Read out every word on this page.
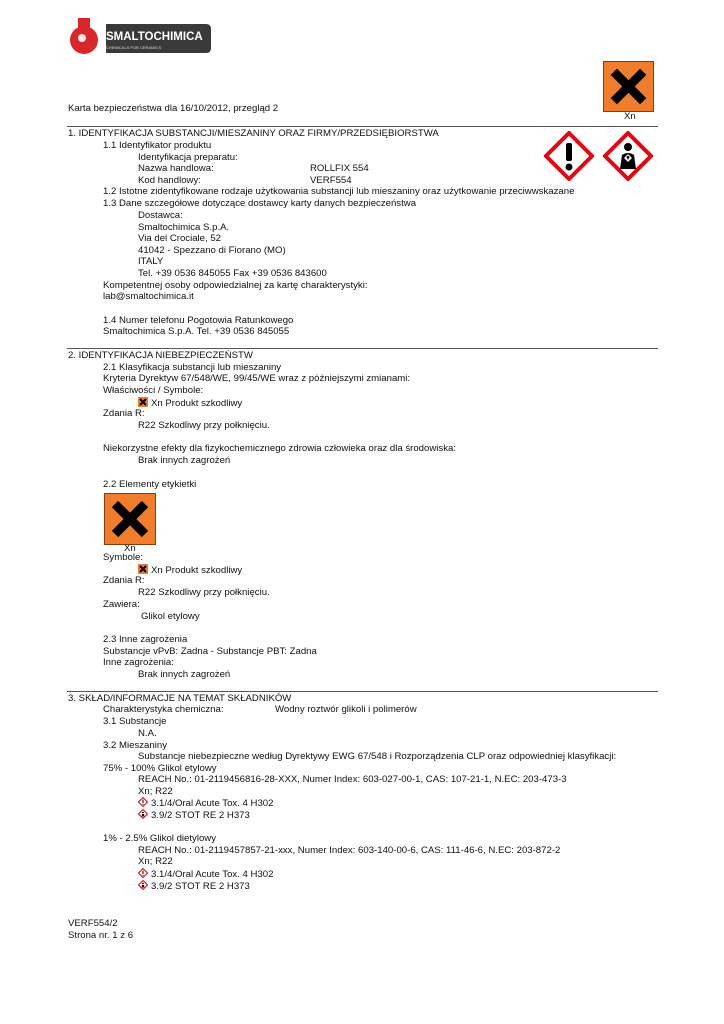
SMALTOCHIMICA
CHEMICALS FOR CERAMICS
Xn
Karta bezpieczeństwa dla 16/10/2012, przegląd 2
1. IDENTYFIKACJA SUBSTANCJI/MIESZANINY ORAZ FIRMY/PRZEDSIĘBIORSTWA
1.1 Identyfikator produktu
Identyfikacja preparatu:
Nazwa handlowa:	ROLLFIX 554
Kod handlowy:	VERF554
1.2 Istotne zidentyfikowane rodzaje użytkowania substancji lub mieszaniny oraz użytkowanie przeciwwskazane
1.3 Dane szczegółowe dotyczące dostawcy karty danych bezpieczeństwa
Dostawca:
Smaltochimica S.p.A.
Via del Crociale, 52
41042 - Spezzano di Fiorano (MO)
ITALY
Tel. +39 0536 845055 Fax +39 0536 843600
Kompetentnej osoby odpowiedzialnej za kartę charakterystyki:
lab@smaltochimica.it
1.4 Numer telefonu Pogotowia Ratunkowego
Smaltochimica S.p.A. Tel. +39 0536 845055
2. IDENTYFIKACJA NIEBEZPIECZEŃSTW
2.1 Klasyfikacja substancji lub mieszaniny
Kryteria Dyrektyw 67/548/WE, 99/45/WE wraz z późniejszymi zmianami:
Właściwości / Symbole:
Xn Produkt szkodliwy
Zdania R:
R22 Szkodliwy przy połknięciu.
Niekorzystne efekty dla fizykochemicznego zdrowia człowieka oraz dla środowiska:
Brak innych zagrożeń
2.2 Elementy etykietki
Xn
Symbole:
Xn Produkt szkodliwy
Zdania R:
R22 Szkodliwy przy połknięciu.
Zawiera:
Glikol etylowy
2.3 Inne zagrożenia
Substancje vPvB: Zadna - Substancje PBT: Zadna
Inne zagrożenia:
Brak innych zagrożeń
3. SKŁAD/INFORMACJE NA TEMAT SKŁADNIKÓW
Charakterystyka chemiczna:	Wodny roztwór glikoli i polimerów
3.1 Substancje
N.A.
3.2 Mieszaniny
Substancje niebezpieczne według Dyrektywy EWG 67/548 i Rozporządzenia CLP oraz odpowiedniej klasyfikacji:
75% - 100% Glikol etylowy
REACH No.: 01-2119456816-28-XXX, Numer Index: 603-027-00-1, CAS: 107-21-1, N.EC: 203-473-3
Xn; R22
3.1/4/Oral Acute Tox. 4 H302
3.9/2 STOT RE 2 H373
1% - 2.5% Glikol dietylowy
REACH No.: 01-2119457857-21-xxx, Numer Index: 603-140-00-6, CAS: 111-46-6, N.EC: 203-872-2
Xn; R22
3.1/4/Oral Acute Tox. 4 H302
3.9/2 STOT RE 2 H373
VERF554/2
Strona nr. 1 z 6
